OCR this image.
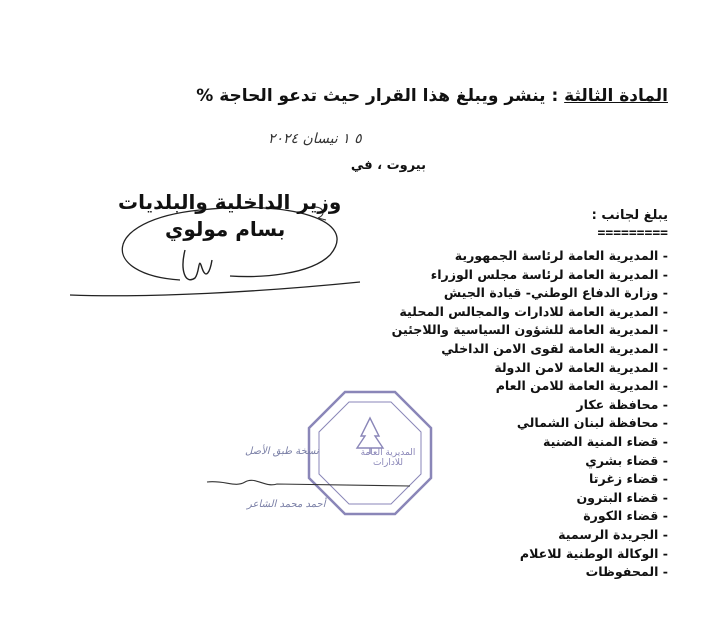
المادة الثالثة : ينشر ويبلغ هذا القرار حيث تدعو الحاجة %
٥ ١ نيسان ٢٠٢٤
بيروت ، في
وزير الداخلية والبلديات
بسام مولوي
يبلغ لجانب :
=========
- المديرية العامة لرئاسة الجمهورية
- المديرية العامة لرئاسة مجلس الوزراء
- وزارة الدفاع الوطني- قيادة الجيش
- المديرية العامة للادارات والمجالس المحلية
- المديرية العامة للشؤون السياسية واللاجئين
- المديرية العامة لقوى الامن الداخلي
- المديرية العامة لامن الدولة
- المديرية العامة للامن العام
- محافظة عكار
- محافظة لبنان الشمالي
- قضاء المنية الضنية
- قضاء بشري
- قضاء زغرتا
- قضاء البترون
- قضاء الكورة
- الجريدة الرسمية
- الوكالة الوطنية للاعلام
- المحفوظات
المديرية العامة للادارات
نسخة طبق الأصل
أحمد محمد الشاعر
